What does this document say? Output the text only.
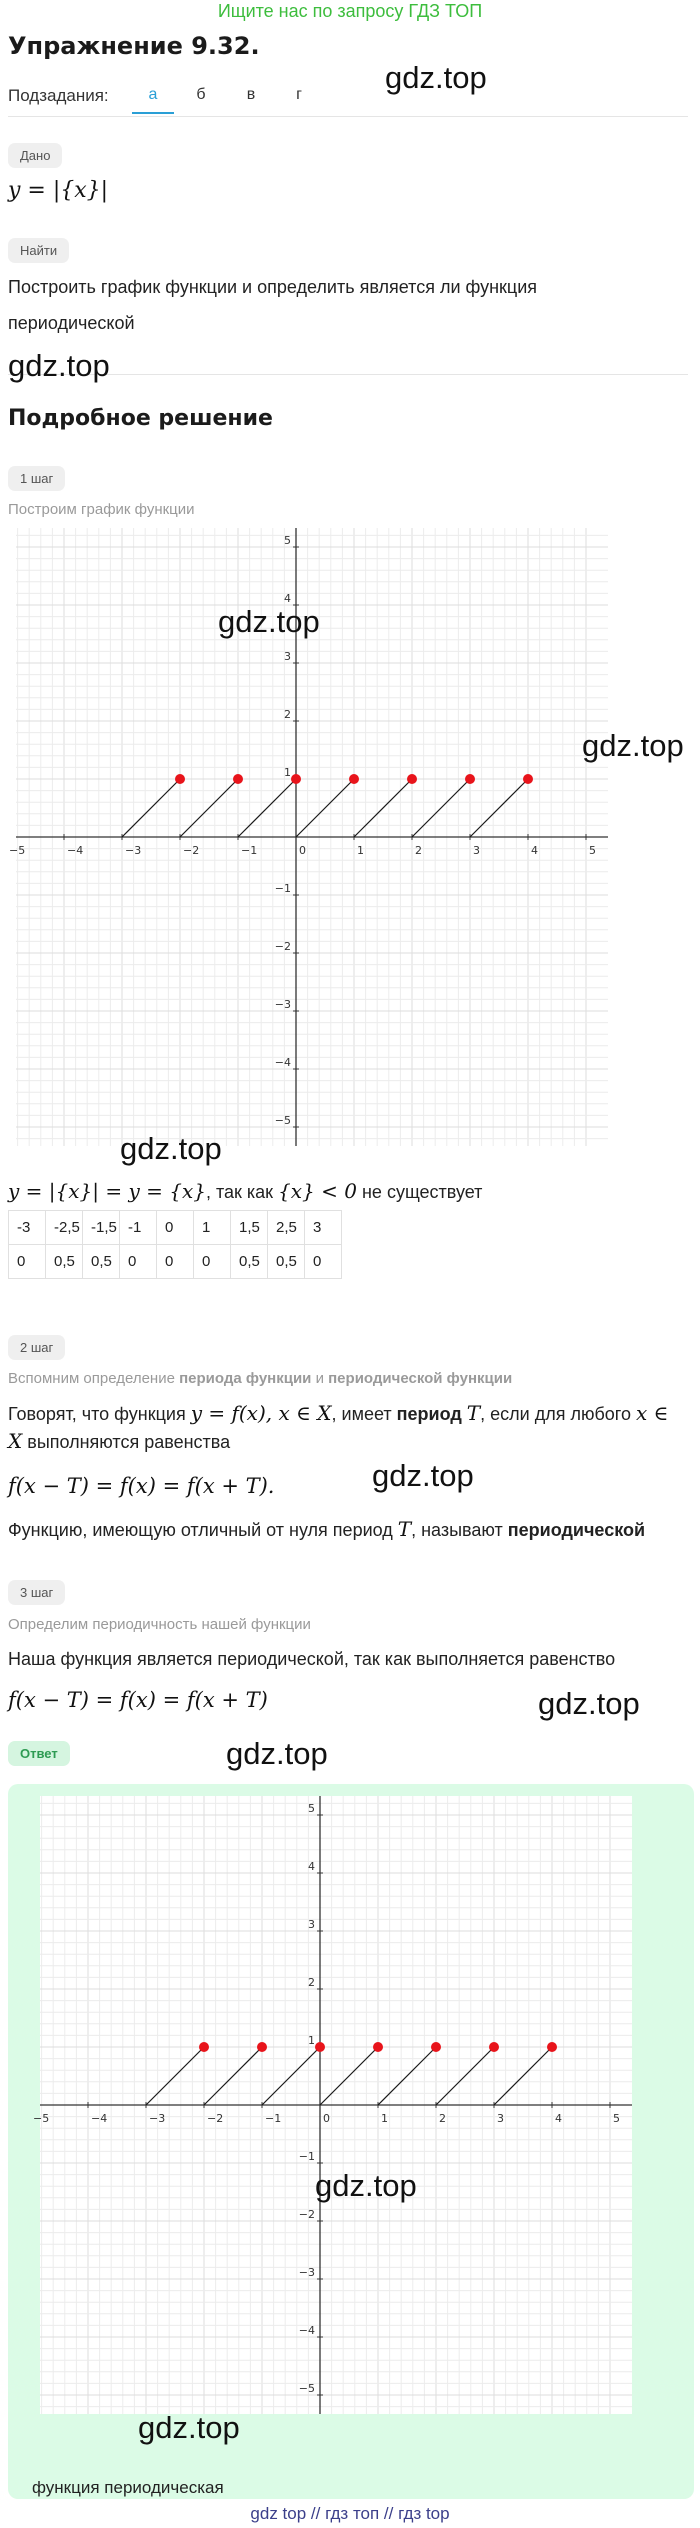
Ищите нас по запросу ГДЗ ТОП
Упражнение 9.32.
Подзадания:	а	б	в	г
Дано
y = |{x}|
Найти
Построить график функции и определить является ли функция
периодической
Подробное решение
1 шаг
Построим график функции
−5	−4	−3	−2	−1	0	1	2	3	4	5
−5
−4
−3
−2
−1
1
2
3
4
5
y = |{x}| = y = {x}, так как {x} < 0 не существует
-3	-2,5	-1,5	-1	0	1	1,5	2,5	3
0	0,5	0,5	0	0	0	0,5	0,5	0
2 шаг
Вспомним определение периода функции и периодической функции
Говорят, что функция y = f(x), x ∈ X, имеет период T, если для любого x ∈
X выполняются равенства
f(x − T) = f(x) = f(x + T).
Функцию, имеющую отличный от нуля период T, называют периодической
3 шаг
Определим периодичность нашей функции
Наша функция является периодической, так как выполняется равенство
f(x − T) = f(x) = f(x + T)
Ответ
−5	−4	−3	−2	−1	0	1	2	3	4	5
−5
−4
−3
−2
−1
1
2
3
4
5
функция периодическая
gdz.top
gdz.top
gdz.top
gdz.top
gdz.top
gdz.top
gdz.top
gdz.top
gdz.top
gdz.top
gdz top // гдз топ // гдз top
